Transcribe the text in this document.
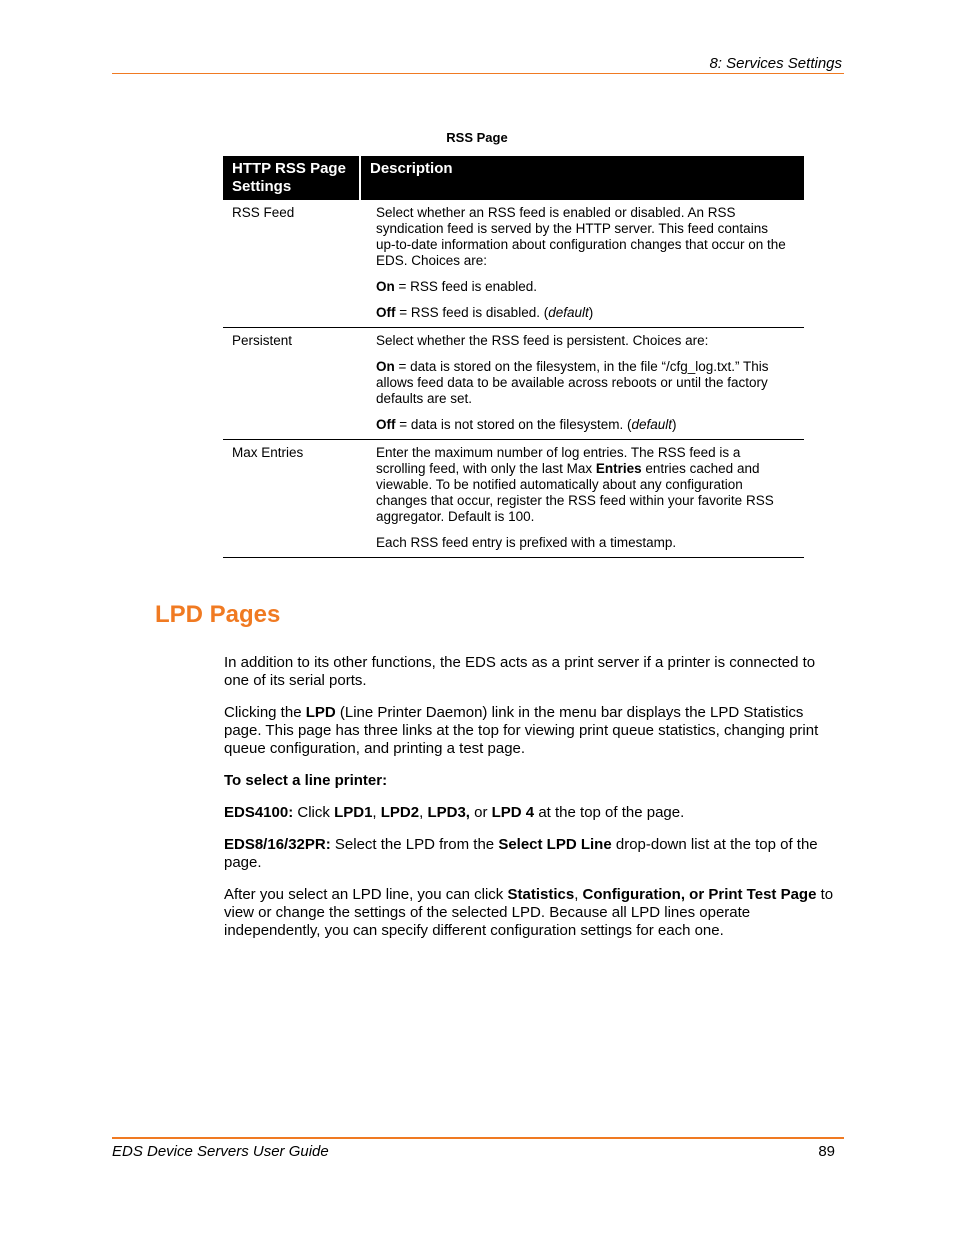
8: Services Settings
RSS Page
HTTP RSS Page Settings	Description
RSS Feed	Select whether an RSS feed is enabled or disabled. An RSS syndication feed is served by the HTTP server. This feed contains up-to-date information about configuration changes that occur on the EDS. Choices are:

On = RSS feed is enabled.

Off = RSS feed is disabled. (default)

Persistent	Select whether the RSS feed is persistent. Choices are:

On = data is stored on the filesystem, in the file “/cfg_log.txt.” This allows feed data to be available across reboots or until the factory defaults are set.

Off = data is not stored on the filesystem. (default)

Max Entries	Enter the maximum number of log entries. The RSS feed is a scrolling feed, with only the last Max Entries entries cached and viewable. To be notified automatically about any configuration changes that occur, register the RSS feed within your favorite RSS aggregator. Default is 100.

Each RSS feed entry is prefixed with a timestamp.

LPD Pages

In addition to its other functions, the EDS acts as a print server if a printer is connected to one of its serial ports.

Clicking the LPD (Line Printer Daemon) link in the menu bar displays the LPD Statistics page. This page has three links at the top for viewing print queue statistics, changing print queue configuration, and printing a test page.

To select a line printer:

EDS4100: Click LPD1, LPD2, LPD3, or LPD 4 at the top of the page.

EDS8/16/32PR: Select the LPD from the Select LPD Line drop-down list at the top of the page.

After you select an LPD line, you can click Statistics, Configuration, or Print Test Page to view or change the settings of the selected LPD. Because all LPD lines operate independently, you can specify different configuration settings for each one.

EDS Device Servers User Guide	89
